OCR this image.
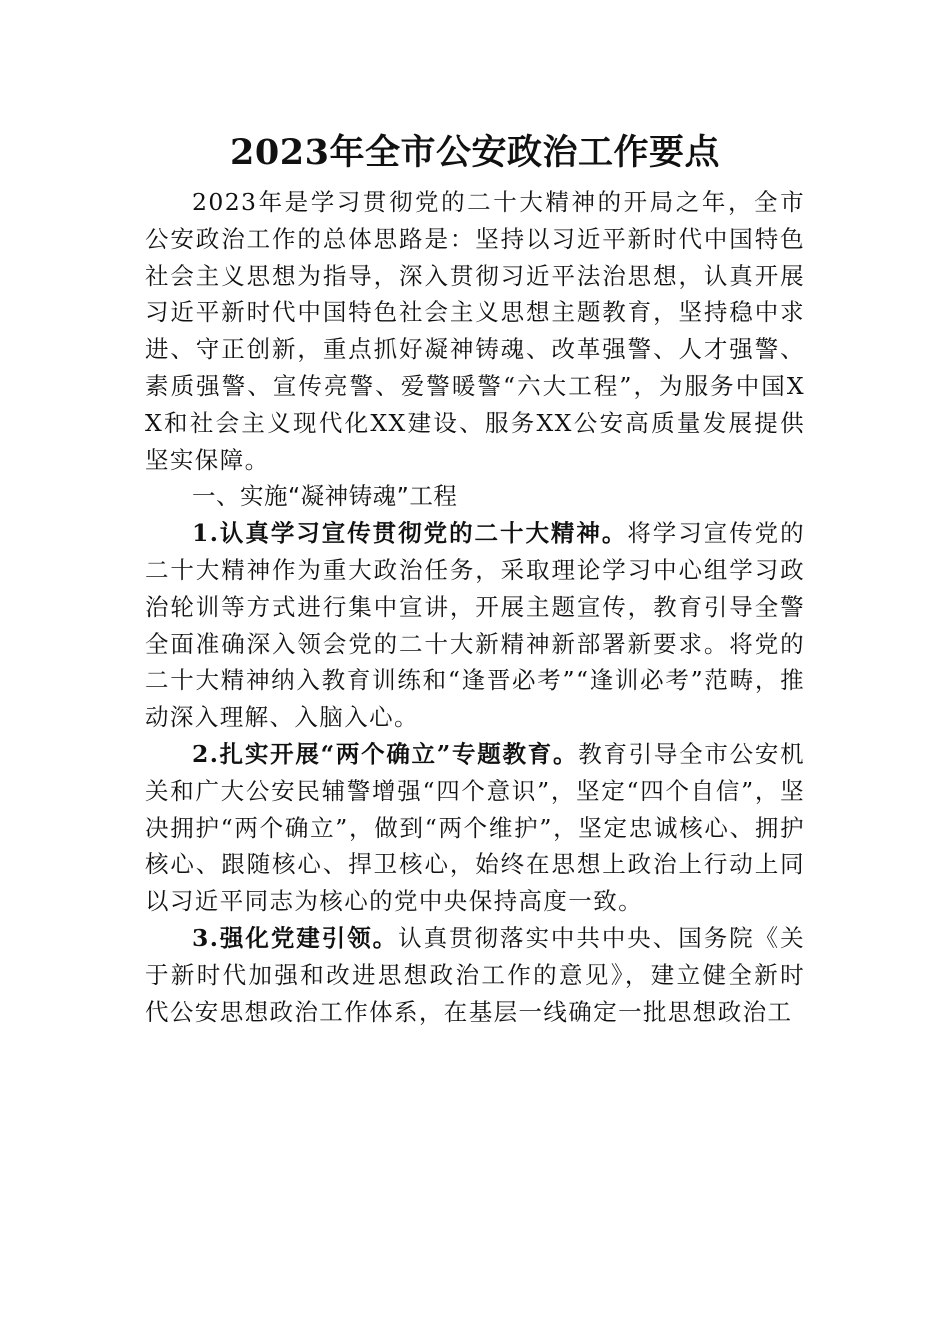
2023年全市公安政治工作要点

2023年是学习贯彻党的二十大精神的开局之年，全市公安政治工作的总体思路是：坚持以习近平新时代中国特色社会主义思想为指导，深入贯彻习近平法治思想，认真开展习近平新时代中国特色社会主义思想主题教育，坚持稳中求进、守正创新，重点抓好凝神铸魂、改革强警、人才强警、素质强警、宣传亮警、爱警暖警“六大工程”，为服务中国XX和社会主义现代化XX建设、服务XX公安高质量发展提供坚实保障。

一、实施“凝神铸魂”工程

1.认真学习宣传贯彻党的二十大精神。将学习宣传党的二十大精神作为重大政治任务，采取理论学习中心组学习政治轮训等方式进行集中宣讲，开展主题宣传，教育引导全警全面准确深入领会党的二十大新精神新部署新要求。将党的二十大精神纳入教育训练和“逢晋必考”“逢训必考”范畴，推动深入理解、入脑入心。

2.扎实开展“两个确立”专题教育。教育引导全市公安机关和广大公安民辅警增强“四个意识”，坚定“四个自信”，坚决拥护“两个确立”，做到“两个维护”，坚定忠诚核心、拥护核心、跟随核心、捍卫核心，始终在思想上政治上行动上同以习近平同志为核心的党中央保持高度一致。

3.强化党建引领。认真贯彻落实中共中央、国务院《关于新时代加强和改进思想政治工作的意见》，建立健全新时代公安思想政治工作体系，在基层一线确定一批思想政治工
